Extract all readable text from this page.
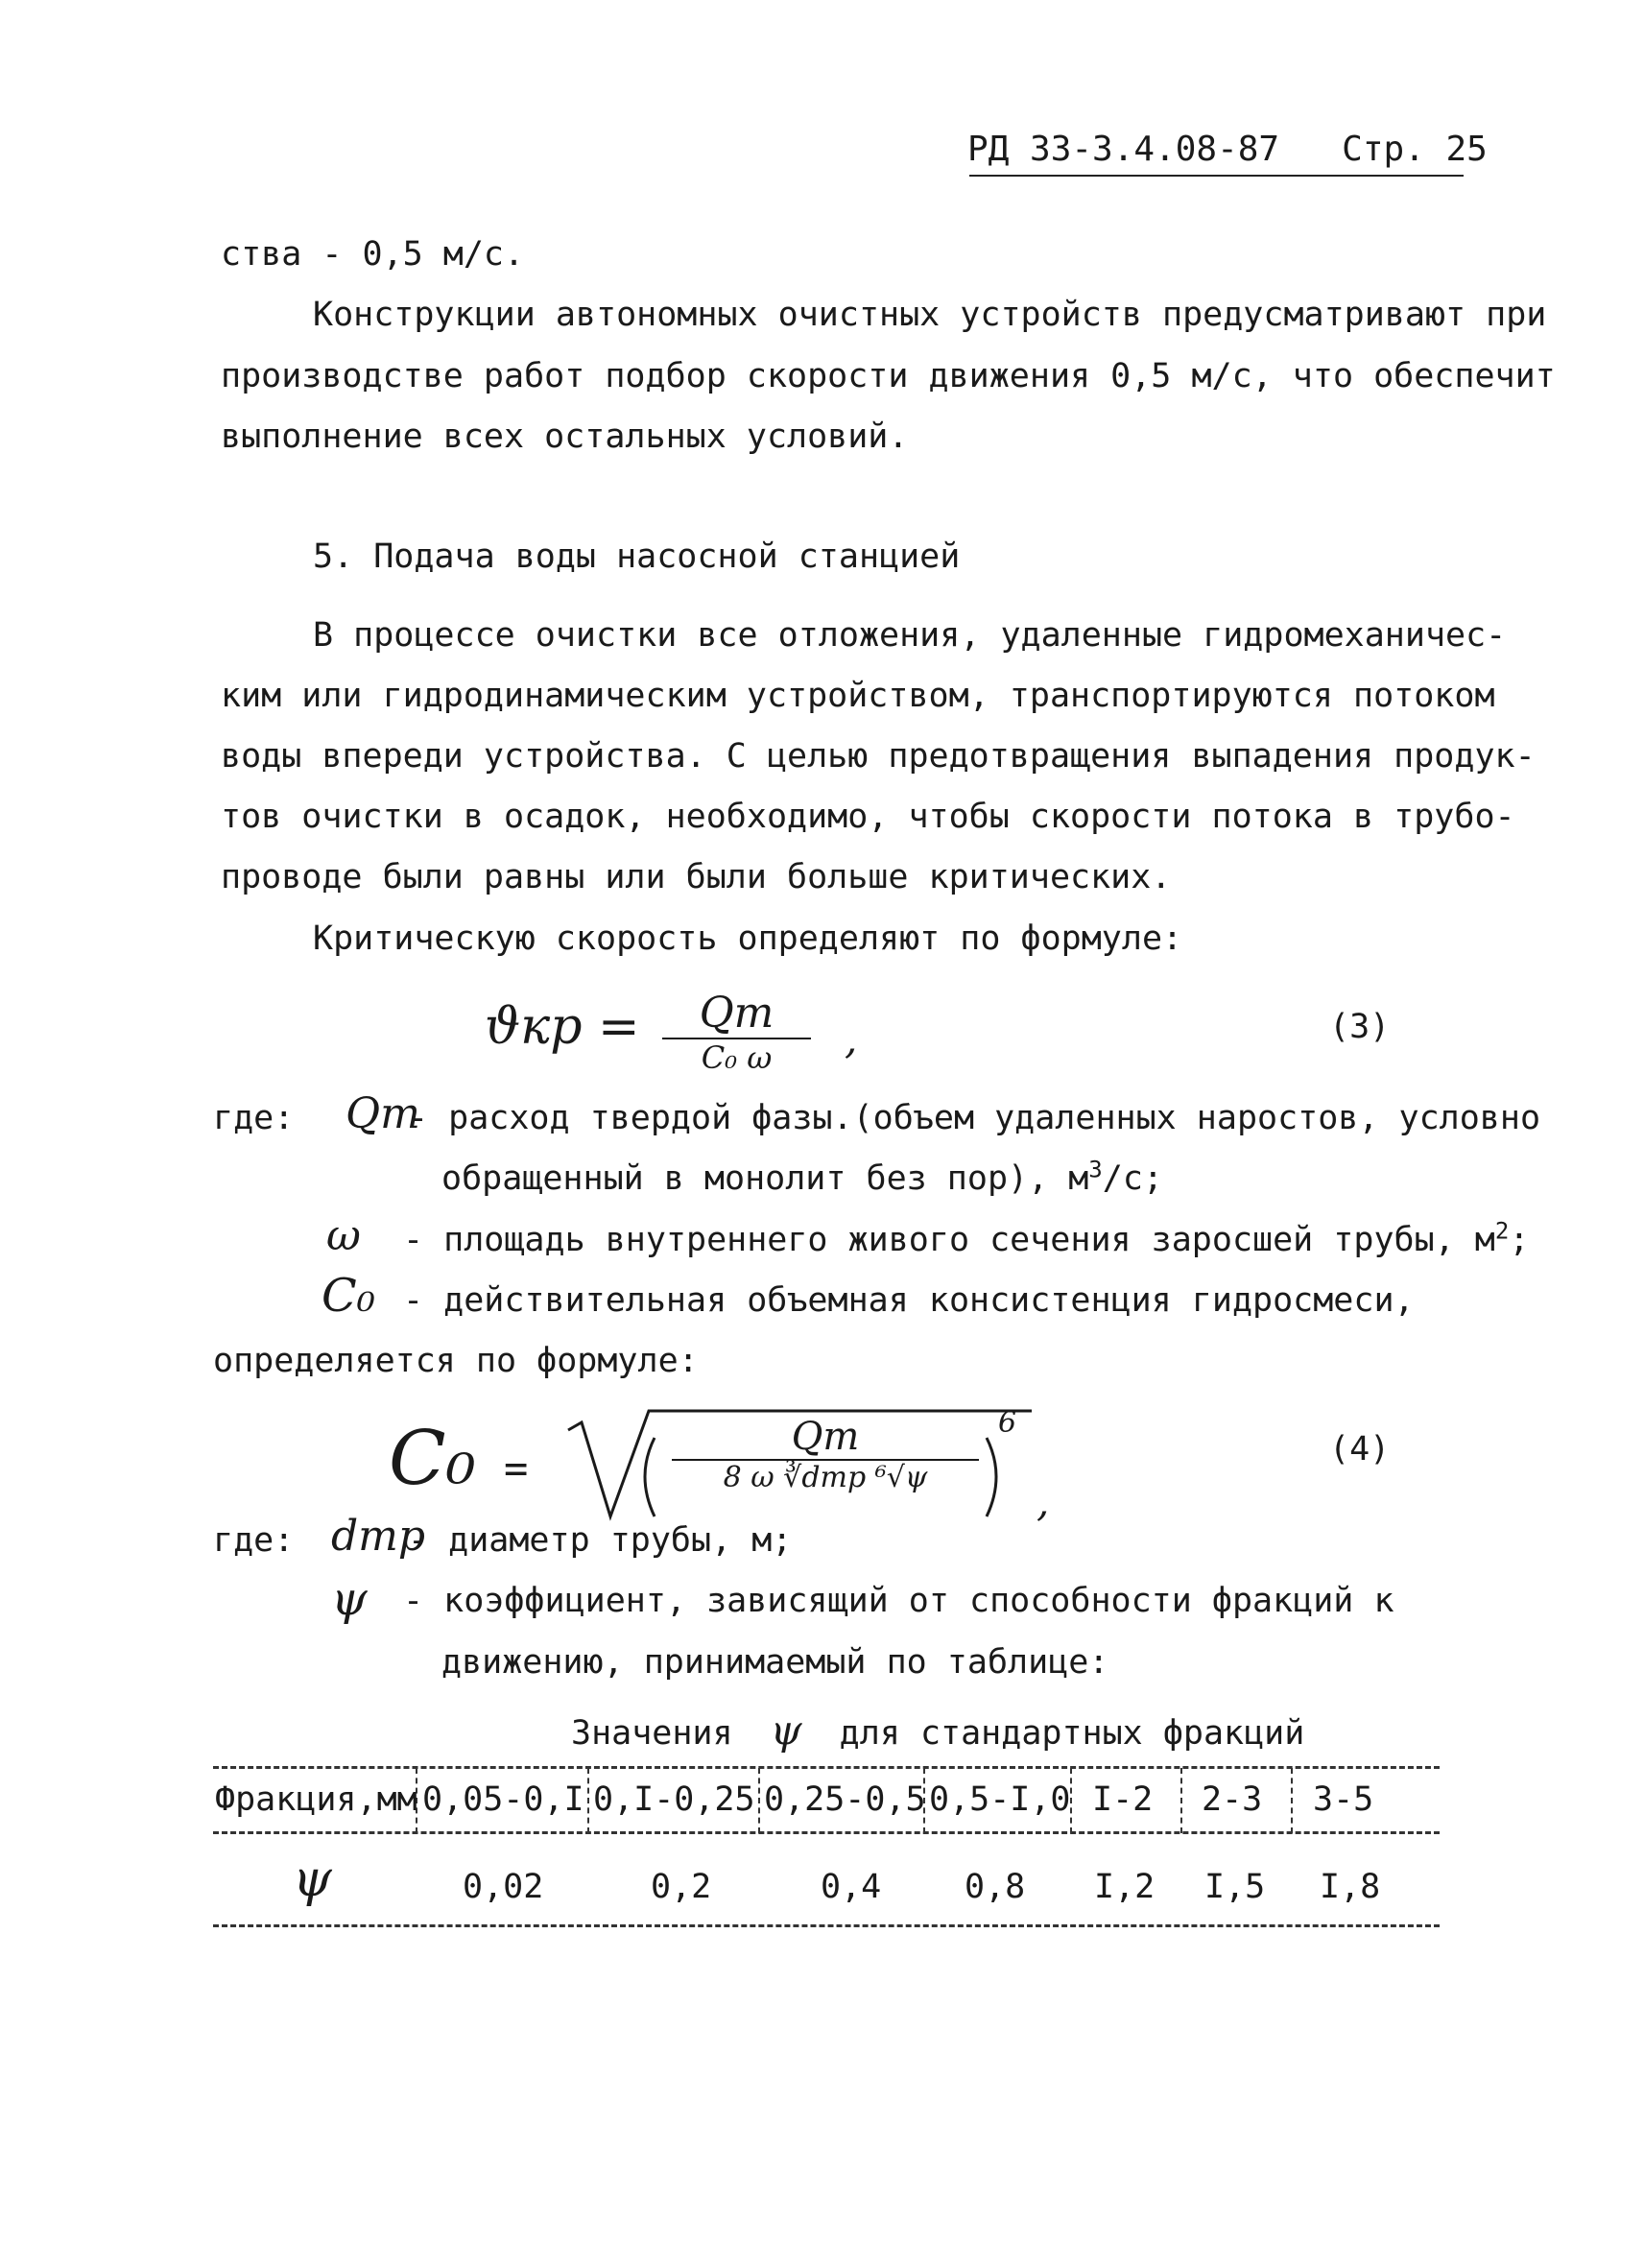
РД 33-3.4.08-87 Стр. 25
ства - 0,5 м/с.
Конструкции автономных очистных устройств предусматривают при
производстве работ подбор скорости движения 0,5 м/с, что обеспечит
выполнение всех остальных условий.
5. Подача воды насосной станцией
В процессе очистки все отложения, удаленные гидромеханичес-
ким или гидродинамическим устройством, транспортируются потоком
воды впереди устройства. С целью предотвращения выпадения продук-
тов очистки в осадок, необходимо, чтобы скорости потока в трубо-
проводе были равны или были больше критических.
Критическую скорость определяют по формуле:
ϑкр =	Qт
C₀ ω	,	(3)
где: Qт
- расход твердой фазы.(объем удаленных наростов, условно
обращенный в монолит без пор), $м^3/с$;
ω - площадь внутреннего живого сечения заросшей трубы, $м^2$;
C₀ - действительная объемная консистенция гидросмеси,
определяется по формуле:
C₀ =
Qт
8 ω ∛dтр ⁶√ψ
6
,
(4)
где: dтр
- диаметр трубы, м;
ψ - коэффициент, зависящий от способности фракций к
движению, принимаемый по таблице:
Значения ψ для стандартных фракций
Фракция,мм 0,05-0,I 0,I-0,25 0,25-0,5 0,5-I,0 I-2 2-3 3-5
ψ	0,02	0,2	0,4 0,8 I,2 I,5 I,8
